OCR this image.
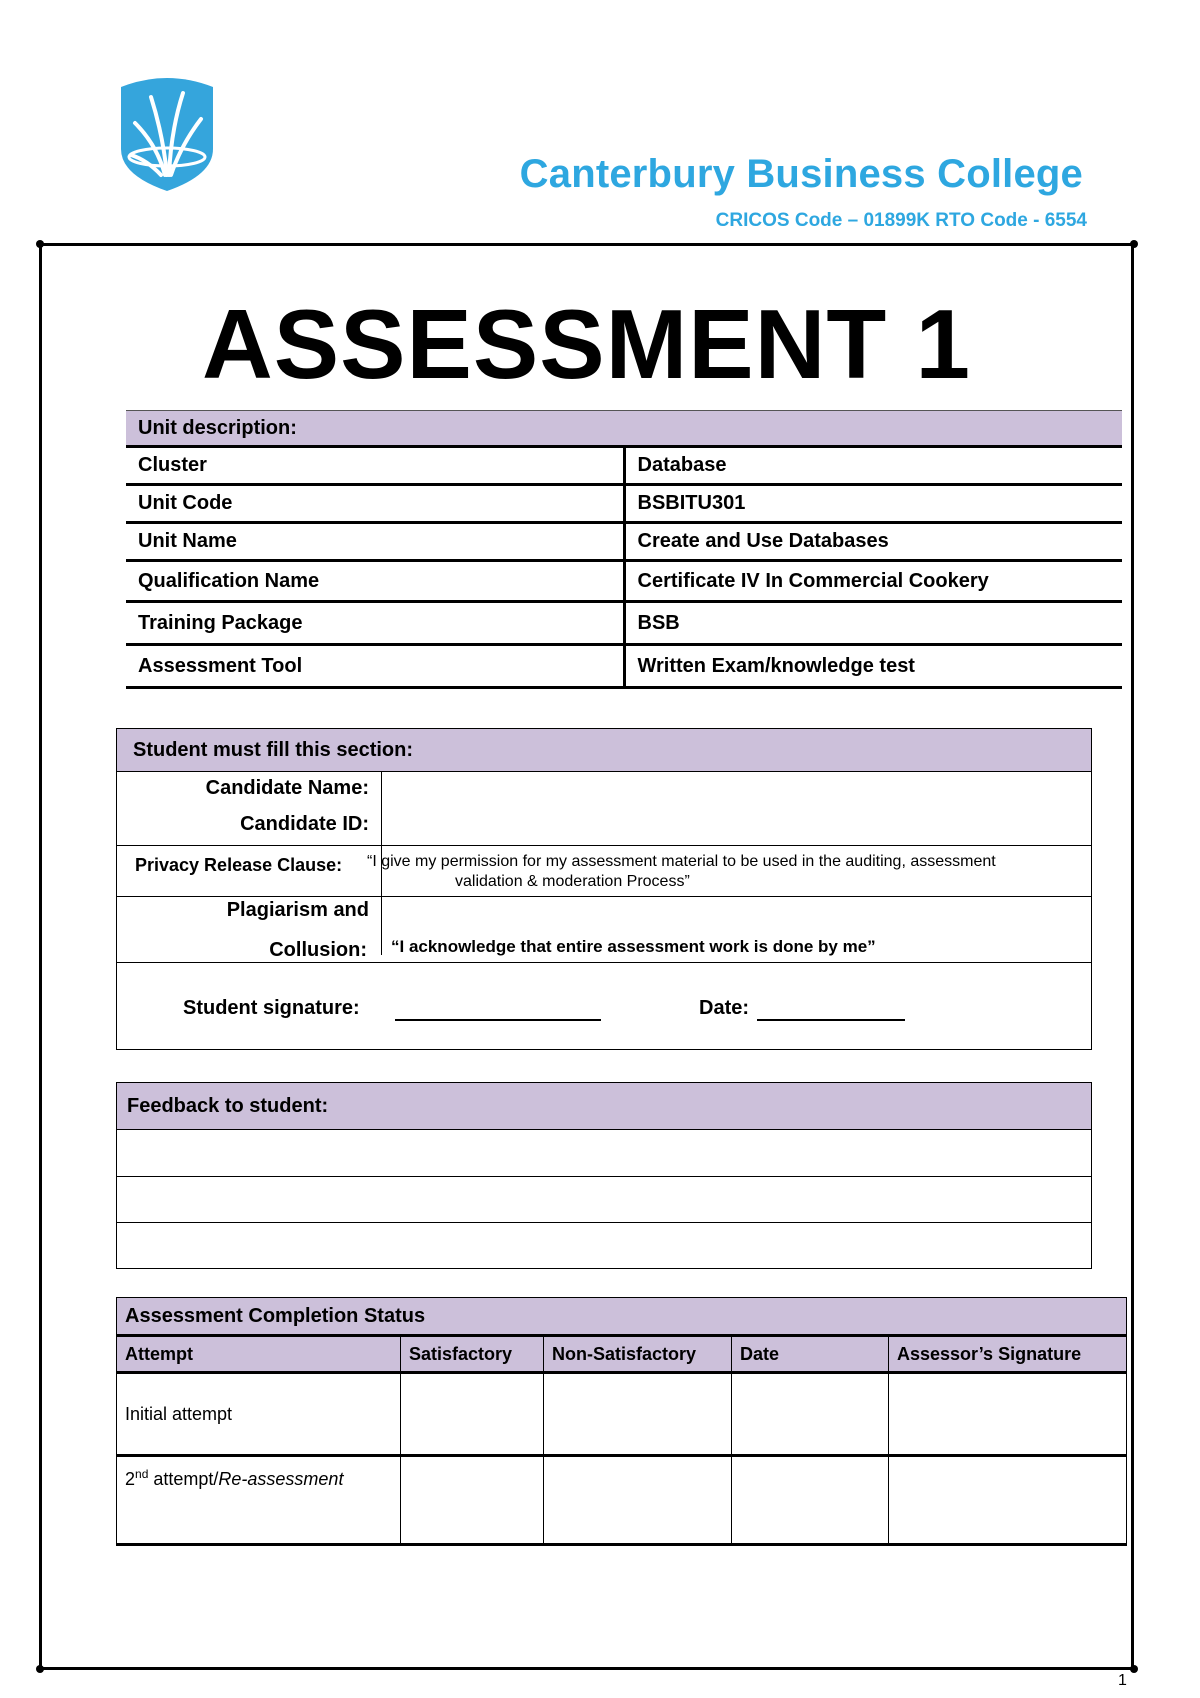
Canterbury Business College
CRICOS Code – 01899K RTO Code - 6554
ASSESSMENT 1
Unit description:	
Cluster	Database
Unit Code	BSBITU301
Unit Name	Create and Use Databases
Qualification Name	Certificate IV In Commercial Cookery
Training Package	BSB
Assessment Tool	Written Exam/knowledge test
Student must fill this section:
Candidate Name:
Candidate ID:
Privacy Release Clause: “I give my permission for my assessment material to be used in the auditing, assessment
validation & moderation Process”
Plagiarism and
Collusion: “I acknowledge that entire assessment work is done by me”
Student signature:	Date:
Feedback to student:
Assessment Completion Status				
Attempt	Satisfactory	Non-Satisfactory	Date	Assessor’s Signature
Initial attempt				
2nd attempt/Re-assessment				
1
